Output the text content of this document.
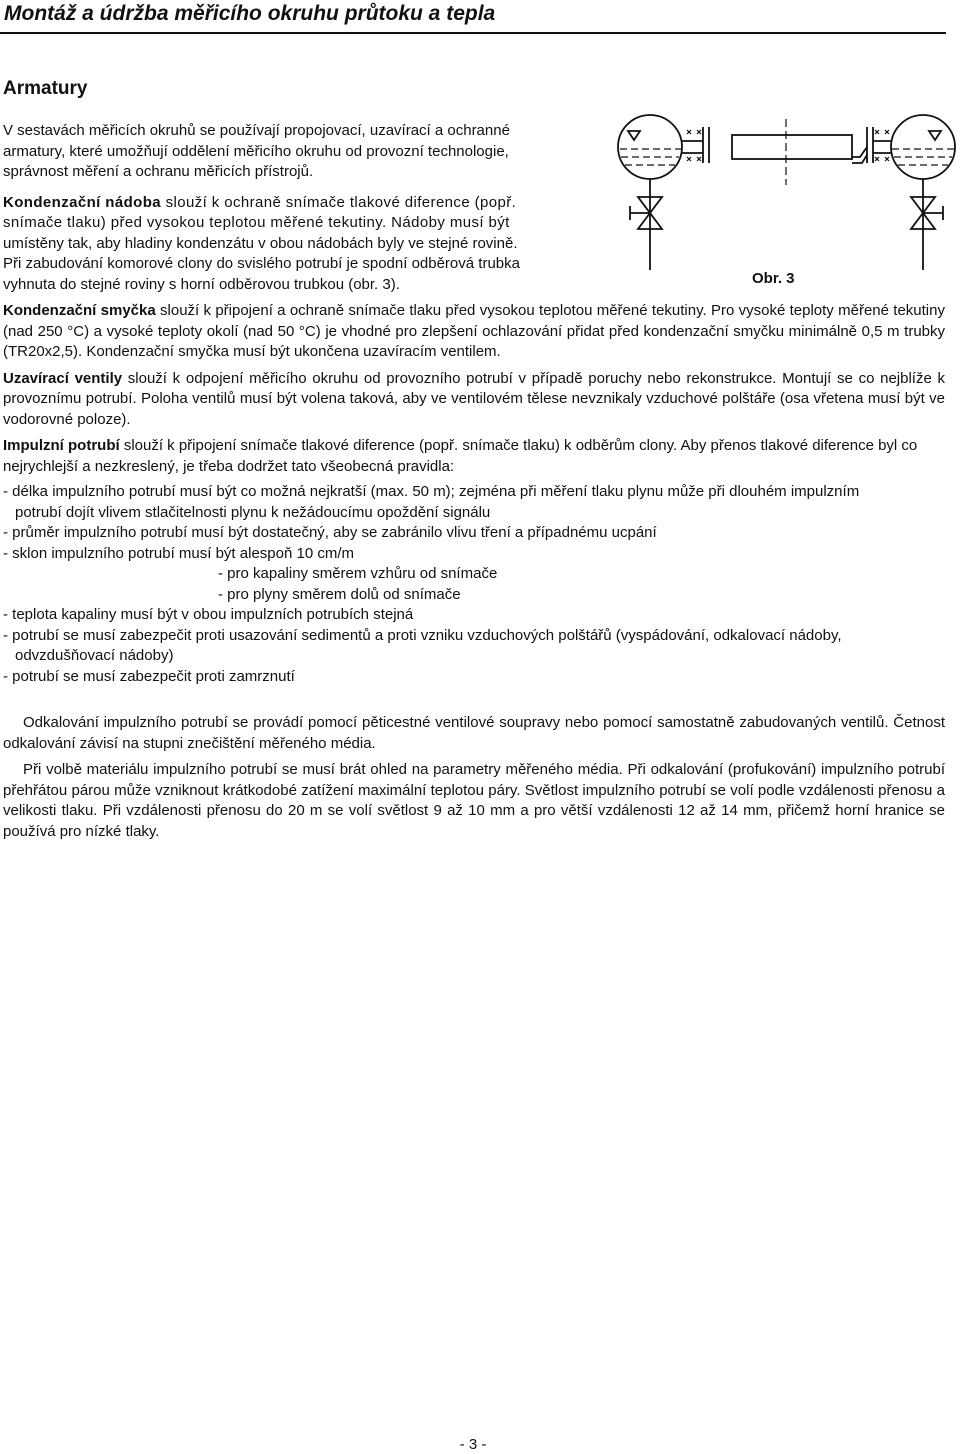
Montáž a údržba měřicího okruhu průtoku a tepla
Armatury

V sestavách měřicích okruhů se používají propojovací, uzavírací a ochranné

armatury, které umožňují oddělení měřicího okruhu od provozní technologie,

správnost měření a ochranu měřicích přístrojů.

Kondenzační nádoba slouží k ochraně snímače tlakové diference (popř.

snímače tlaku) před vysokou teplotou měřené tekutiny. Nádoby musí být

umístěny tak, aby hladiny kondenzátu v obou nádobách byly ve stejné rovině.

Při zabudování komorové clony do svislého potrubí je spodní odběrová trubka

vyhnuta do stejné roviny s horní odběrovou trubkou (obr. 3).	Obr. 3

Kondenzační smyčka slouží k připojení a ochraně snímače tlaku před vysokou teplotou měřené tekutiny. Pro vysoké teploty měřené tekutiny (nad 250 °C) a vysoké teploty okolí (nad 50 °C) je vhodné pro zlepšení ochlazování přidat před kondenzační smyčku minimálně 0,5 m trubky (TR20x2,5). Kondenzační smyčka musí být ukončena uzavíracím ventilem.

Uzavírací ventily slouží k odpojení měřicího okruhu od provozního potrubí v případě poruchy nebo rekonstrukce. Montují se co nejblíže k provoznímu potrubí. Poloha ventilů musí být volena taková, aby ve ventilovém tělese nevznikaly vzduchové polštáře (osa vřetena musí být ve vodorovné poloze).

Impulzní potrubí slouží k připojení snímače tlakové diference (popř. snímače tlaku) k odběrům clony. Aby přenos tlakové diference byl co nejrychlejší a nezkreslený, je třeba dodržet tato všeobecná pravidla:

- délka impulzního potrubí musí být co možná nejkratší (max. 50 m); zejména při měření tlaku plynu může při dlouhém impulzním

potrubí dojít vlivem stlačitelnosti plynu k nežádoucímu opoždění signálu

- průměr impulzního potrubí musí být dostatečný, aby se zabránilo vlivu tření a případnému ucpání

- sklon impulzního potrubí musí být alespoň 10 cm/m

- pro kapaliny směrem vzhůru od snímače

- pro plyny směrem dolů od snímače

- teplota kapaliny musí být v obou impulzních potrubích stejná

- potrubí se musí zabezpečit proti usazování sedimentů a proti vzniku vzduchových polštářů (vyspádování, odkalovací nádoby,

odvzdušňovací nádoby)

- potrubí se musí zabezpečit proti zamrznutí

Odkalování impulzního potrubí se provádí pomocí pěticestné ventilové soupravy nebo pomocí samostatně zabudovaných ventilů. Četnost odkalování závisí na stupni znečištění měřeného média.

Při volbě materiálu impulzního potrubí se musí brát ohled na parametry měřeného média. Při odkalování (profukování) impulzního potrubí přehřátou párou může vzniknout krátkodobé zatížení maximální teplotou páry. Světlost impulzního potrubí se volí podle vzdálenosti přenosu a velikosti tlaku. Při vzdálenosti přenosu do 20 m se volí světlost 9 až 10 mm a pro větší vzdálenosti 12 až 14 mm, přičemž horní hranice se používá pro nízké tlaky.

- 3 -
